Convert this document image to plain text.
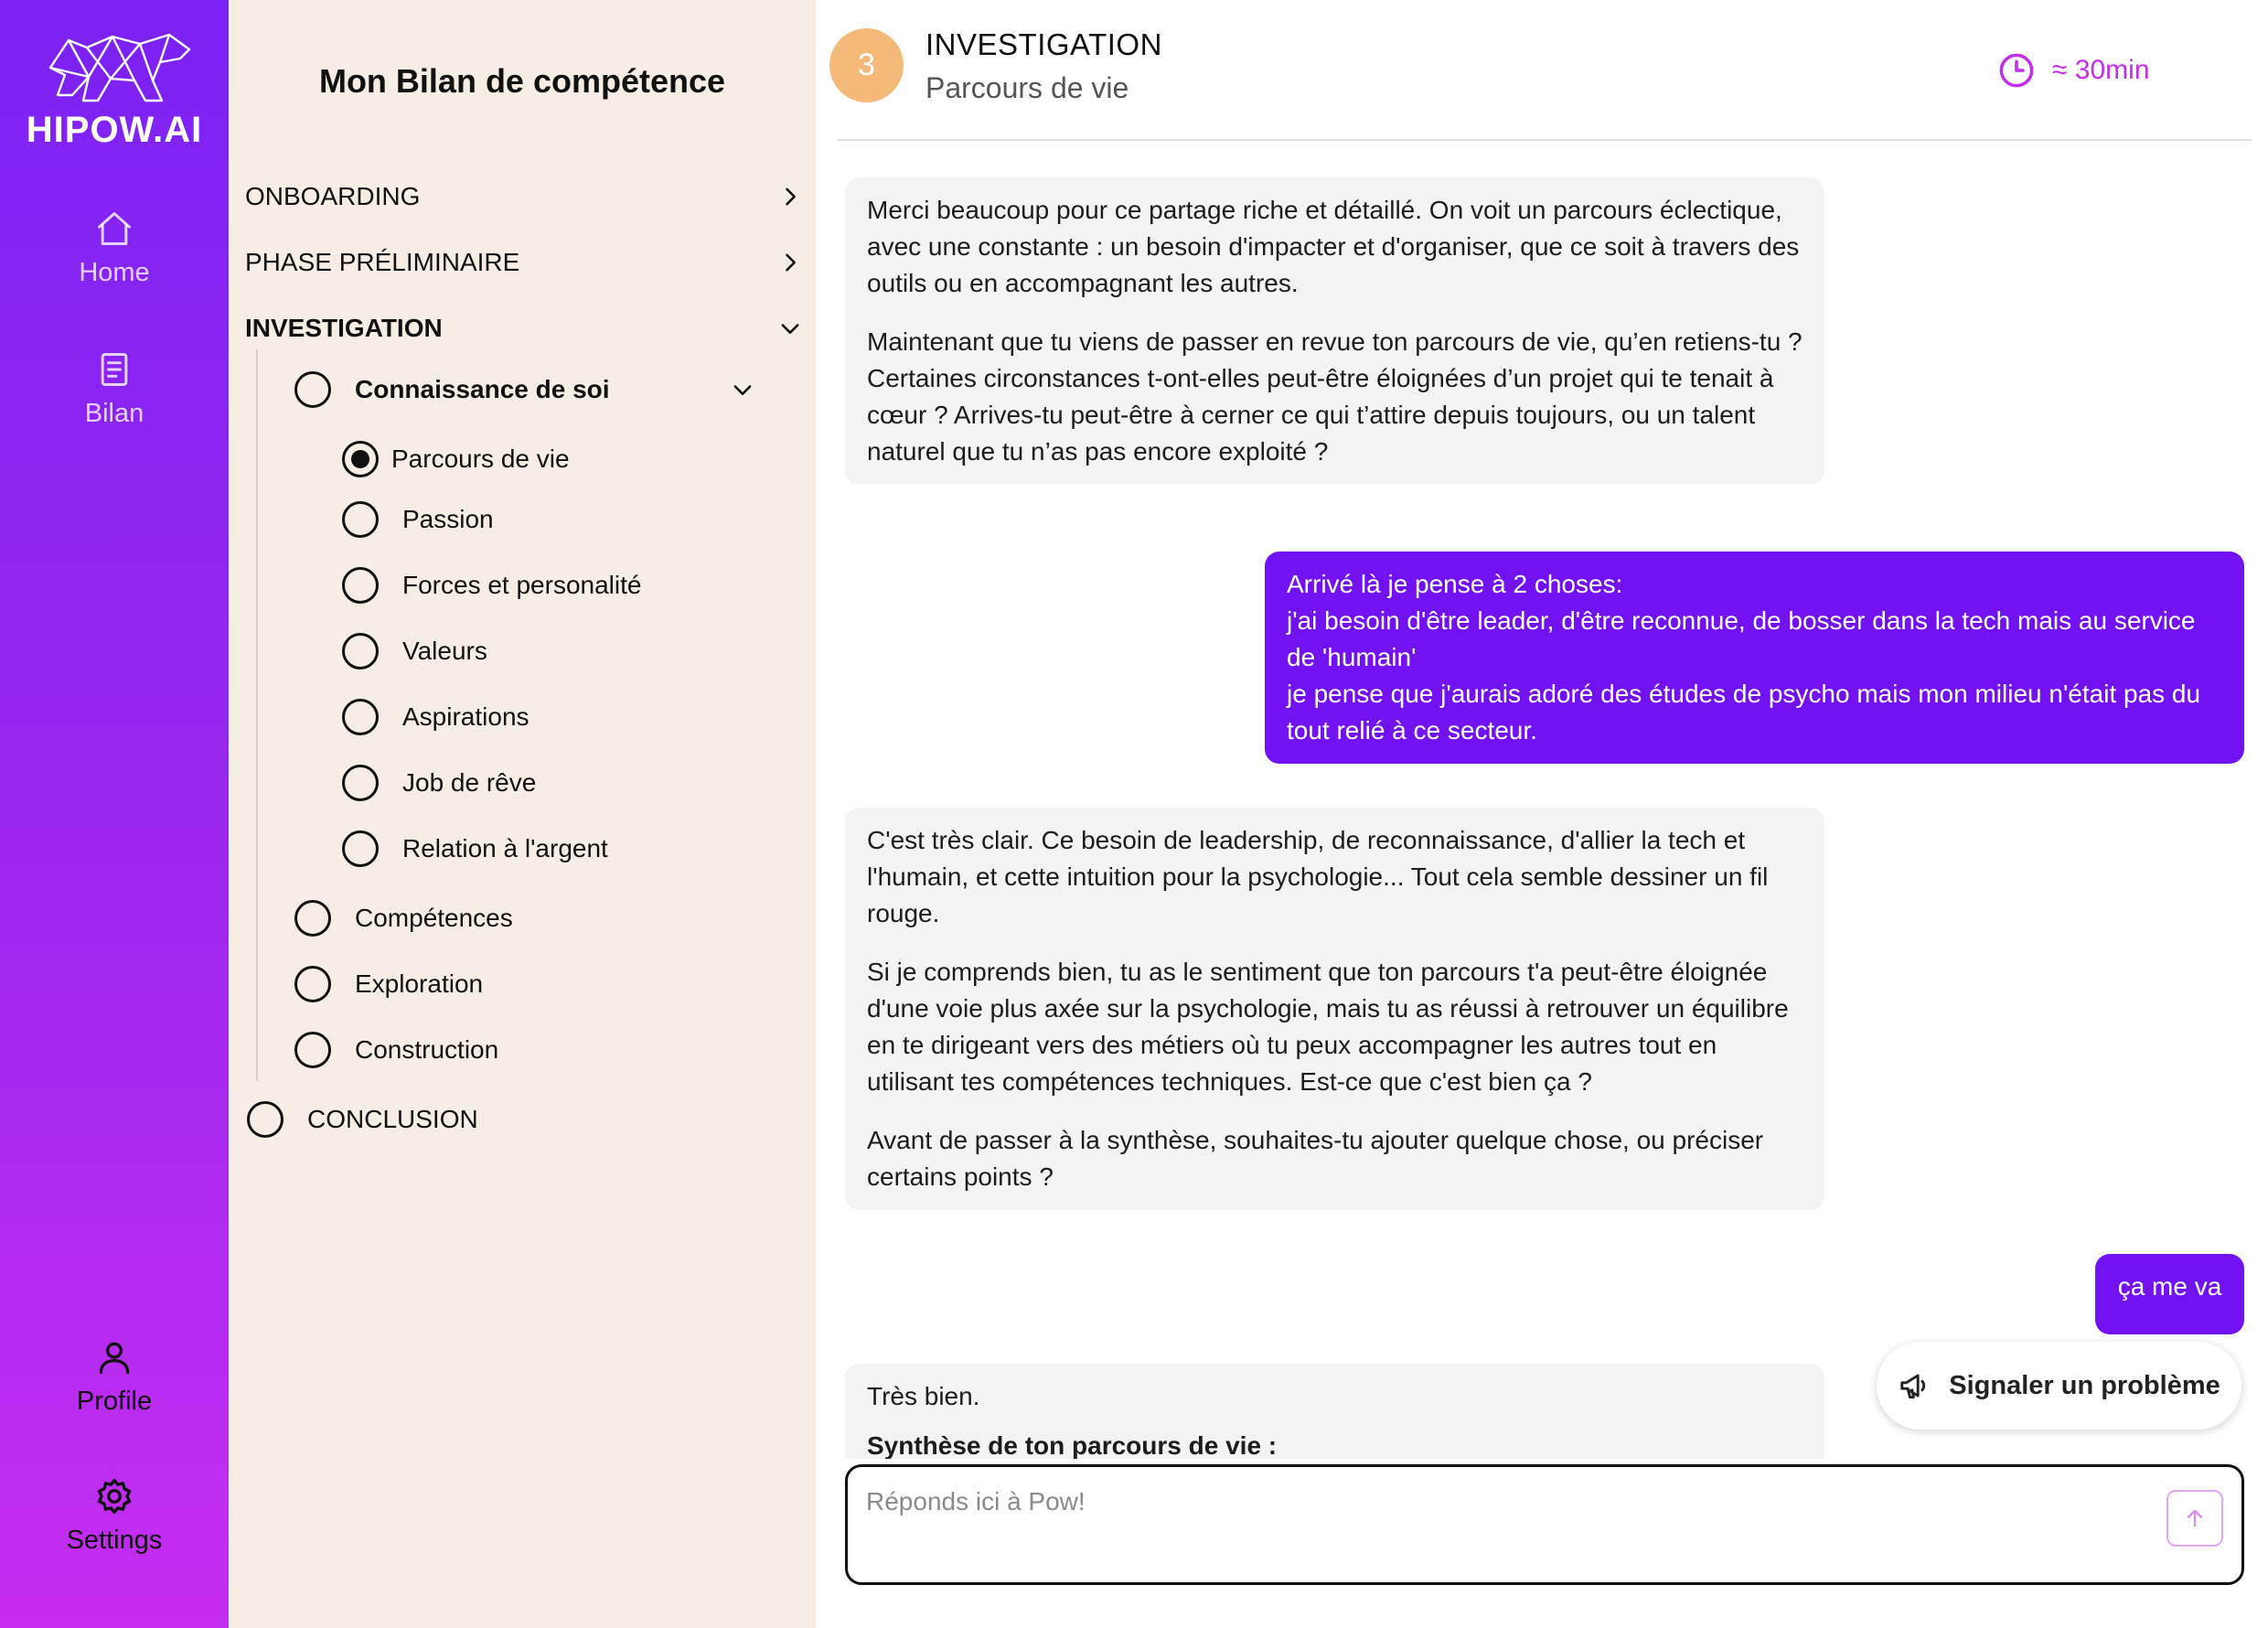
HIPOW.AI
Home
Bilan
Profile
Settings
Mon Bilan de compétence
ONBOARDING
PHASE PRÉLIMINAIRE
INVESTIGATION
Connaissance de soi
Parcours de vie
Passion
Forces et personalité
Valeurs
Aspirations
Job de rêve
Relation à l'argent
Compétences
Exploration
Construction
CONCLUSION
3
INVESTIGATION
Parcours de vie
≈ 30min

Merci beaucoup pour ce partage riche et détaillé. On voit un parcours éclectique, avec une constante : un besoin d'impacter et d'organiser, que ce soit à travers des outils ou en accompagnant les autres.

Maintenant que tu viens de passer en revue ton parcours de vie, qu’en retiens-tu ?
Certaines circonstances t-ont-elles peut-être éloignées d’un projet qui te tenait à cœur ? Arrives-tu peut-être à cerner ce qui t’attire depuis toujours, ou un talent naturel que tu n’as pas encore exploité ?

Arrivé là je pense à 2 choses:
j'ai besoin d'être leader, d'être reconnue, de bosser dans la tech mais au service de 'humain'
je pense que j'aurais adoré des études de psycho mais mon milieu n'était pas du tout relié à ce secteur.

C'est très clair. Ce besoin de leadership, de reconnaissance, d'allier la tech et l'humain, et cette intuition pour la psychologie... Tout cela semble dessiner un fil rouge.

Si je comprends bien, tu as le sentiment que ton parcours t'a peut-être éloignée d'une voie plus axée sur la psychologie, mais tu as réussi à retrouver un équilibre en te dirigeant vers des métiers où tu peux accompagner les autres tout en utilisant tes compétences techniques. Est-ce que c'est bien ça ?

Avant de passer à la synthèse, souhaites-tu ajouter quelque chose, ou préciser certains points ?

ça me va

Très bien.

Synthèse de ton parcours de vie :

Signaler un problème
Réponds ici à Pow!
